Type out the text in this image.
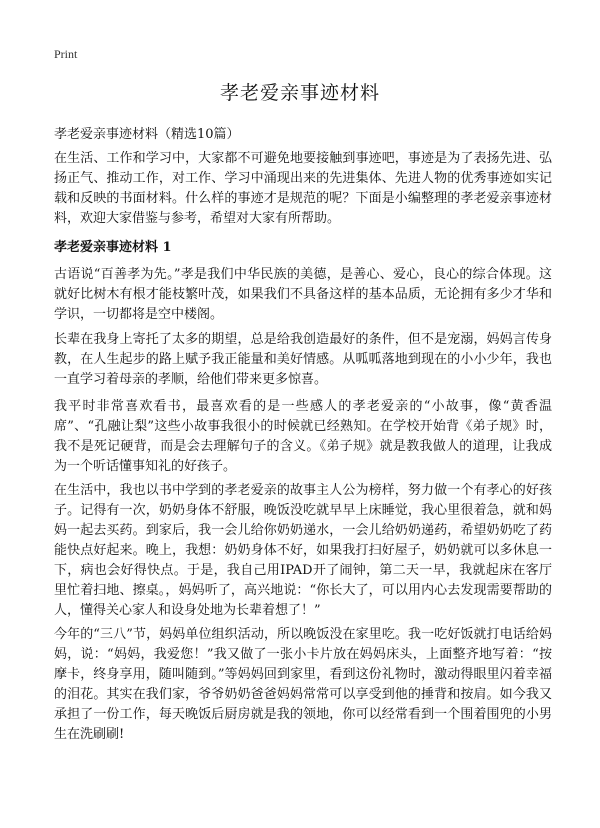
Print
孝老爱亲事迹材料
孝老爱亲事迹材料（精选10篇）

在生活、工作和学习中，大家都不可避免地要接触到事迹吧，事迹是为了表扬先进、弘扬正气、推动工作，对工作、学习中涌现出来的先进集体、先进人物的优秀事迹如实记载和反映的书面材料。什么样的事迹才是规范的呢？下面是小编整理的孝老爱亲事迹材料，欢迎大家借鉴与参考，希望对大家有所帮助。

孝老爱亲事迹材料 1

古语说“百善孝为先。”孝是我们中华民族的美德，是善心、爱心，良心的综合体现。这就好比树木有根才能枝繁叶茂，如果我们不具备这样的基本品质，无论拥有多少才华和学识，一切都将是空中楼阁。

长辈在我身上寄托了太多的期望，总是给我创造最好的条件，但不是宠溺，妈妈言传身教，在人生起步的路上赋予我正能量和美好情感。从呱呱落地到现在的小小少年，我也一直学习着母亲的孝顺，给他们带来更多惊喜。

我平时非常喜欢看书，最喜欢看的是一些感人的孝老爱亲的“小故事，像“黄香温席”、“孔融让梨”这些小故事我很小的时候就已经熟知。在学校开始背《弟子规》时，我不是死记硬背，而是会去理解句子的含义。《弟子规》就是教我做人的道理，让我成为一个听话懂事知礼的好孩子。

在生活中，我也以书中学到的孝老爱亲的故事主人公为榜样，努力做一个有孝心的好孩子。记得有一次，奶奶身体不舒服，晚饭没吃就早早上床睡觉，我心里很着急，就和妈妈一起去买药。到家后，我一会儿给你奶奶递水，一会儿给奶奶递药，希望奶奶吃了药能快点好起来。晚上，我想：奶奶身体不好，如果我打扫好屋子，奶奶就可以多休息一下，病也会好得快点。于是，我自己用IPAD开了闹钟，第二天一早，我就起床在客厅里忙着扫地、擦桌。，妈妈听了，高兴地说：“你长大了，可以用内心去发现需要帮助的人，懂得关心家人和设身处地为长辈着想了！”

今年的“三八”节，妈妈单位组织活动，所以晚饭没在家里吃。我一吃好饭就打电话给妈妈，说：“妈妈，我爱您！”我又做了一张小卡片放在妈妈床头，上面整齐地写着：“按摩卡，终身享用，随叫随到。”等妈妈回到家里，看到这份礼物时，激动得眼里闪着幸福的泪花。其实在我们家，爷爷奶奶爸爸妈妈常常可以享受到他的捶背和按肩。如今我又承担了一份工作，每天晚饭后厨房就是我的领地，你可以经常看到一个围着围兜的小男生在洗刷刷!
